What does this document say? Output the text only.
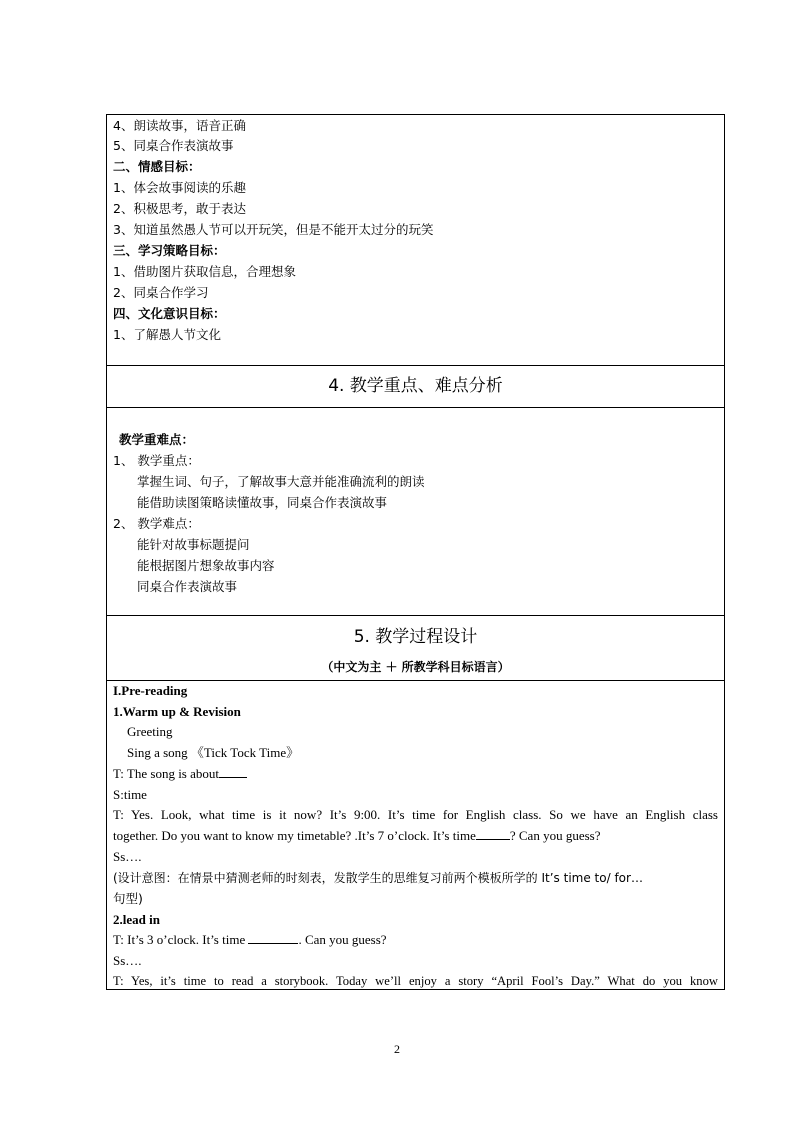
4、朗读故事，语音正确
5、同桌合作表演故事
二、情感目标：
1、体会故事阅读的乐趣
2、积极思考，敢于表达
3、知道虽然愚人节可以开玩笑，但是不能开太过分的玩笑
三、学习策略目标：
1、借助图片获取信息，合理想象
2、同桌合作学习
四、文化意识目标：
1、了解愚人节文化
4. 教学重点、难点分析
教学重难点：
1、 教学重点：
掌握生词、句子，了解故事大意并能准确流利的朗读
能借助读图策略读懂故事，同桌合作表演故事
2、 教学难点：
能针对故事标题提问
能根据图片想象故事内容
同桌合作表演故事
5. 教学过程设计
（中文为主 ＋ 所教学科目标语言）
I.Pre-reading
1.Warm up & Revision
Greeting
Sing a song 《Tick Tock Time》
T: The song is about
S:time
T: Yes. Look, what time is it now? It’s 9:00. It’s time for English class. So we have an English class
together. Do you want to know my timetable? .It’s 7 o’clock. It’s time	? Can you guess?
Ss….
(设计意图：在情景中猜测老师的时刻表，发散学生的思维复习前两个模板所学的 It’s time to/ for…
句型)
2.lead in
T: It’s 3 o’clock. It’s time	. Can you guess?
Ss….
T: Yes, it’s time to read a storybook. Today we’ll enjoy a story “April Fool’s Day.” What do you know
2
